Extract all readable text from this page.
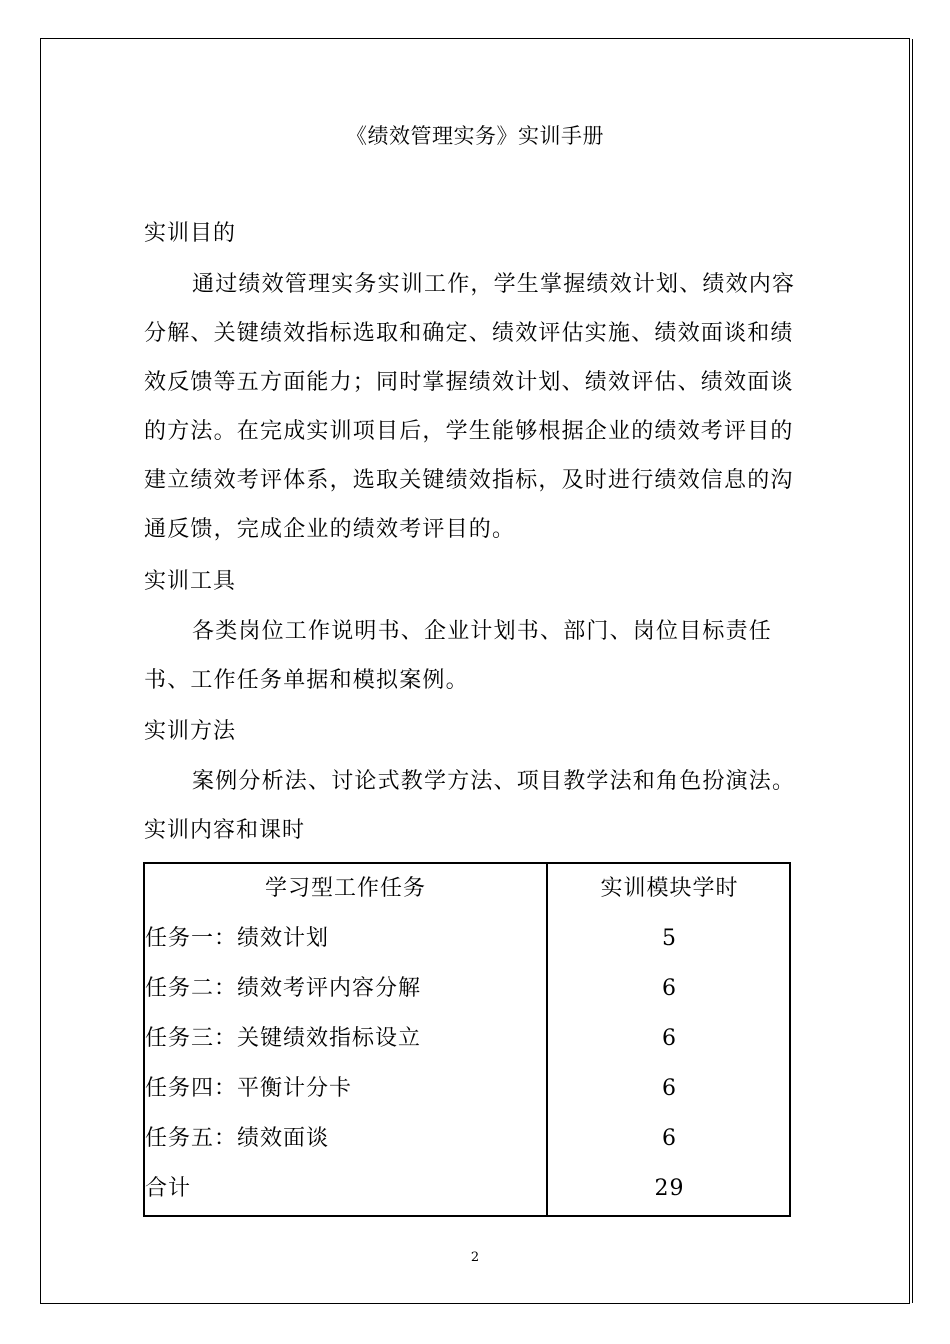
《绩效管理实务》实训手册
实训目的

通过绩效管理实务实训工作，学生掌握绩效计划、绩效内容分解、关键绩效指标选取和确定、绩效评估实施、绩效面谈和绩效反馈等五方面能力；同时掌握绩效计划、绩效评估、绩效面谈的方法。在完成实训项目后，学生能够根据企业的绩效考评目的建立绩效考评体系，选取关键绩效指标，及时进行绩效信息的沟通反馈，完成企业的绩效考评目的。

实训工具

各类岗位工作说明书、企业计划书、部门、岗位目标责任书、工作任务单据和模拟案例。

实训方法

案例分析法、讨论式教学方法、项目教学法和角色扮演法。

实训内容和课时
学习型工作任务	实训模块学时
任务一：绩效计划	5
任务二：绩效考评内容分解	6
任务三：关键绩效指标设立	6
任务四：平衡计分卡	6
任务五：绩效面谈	6
合计	29
2
